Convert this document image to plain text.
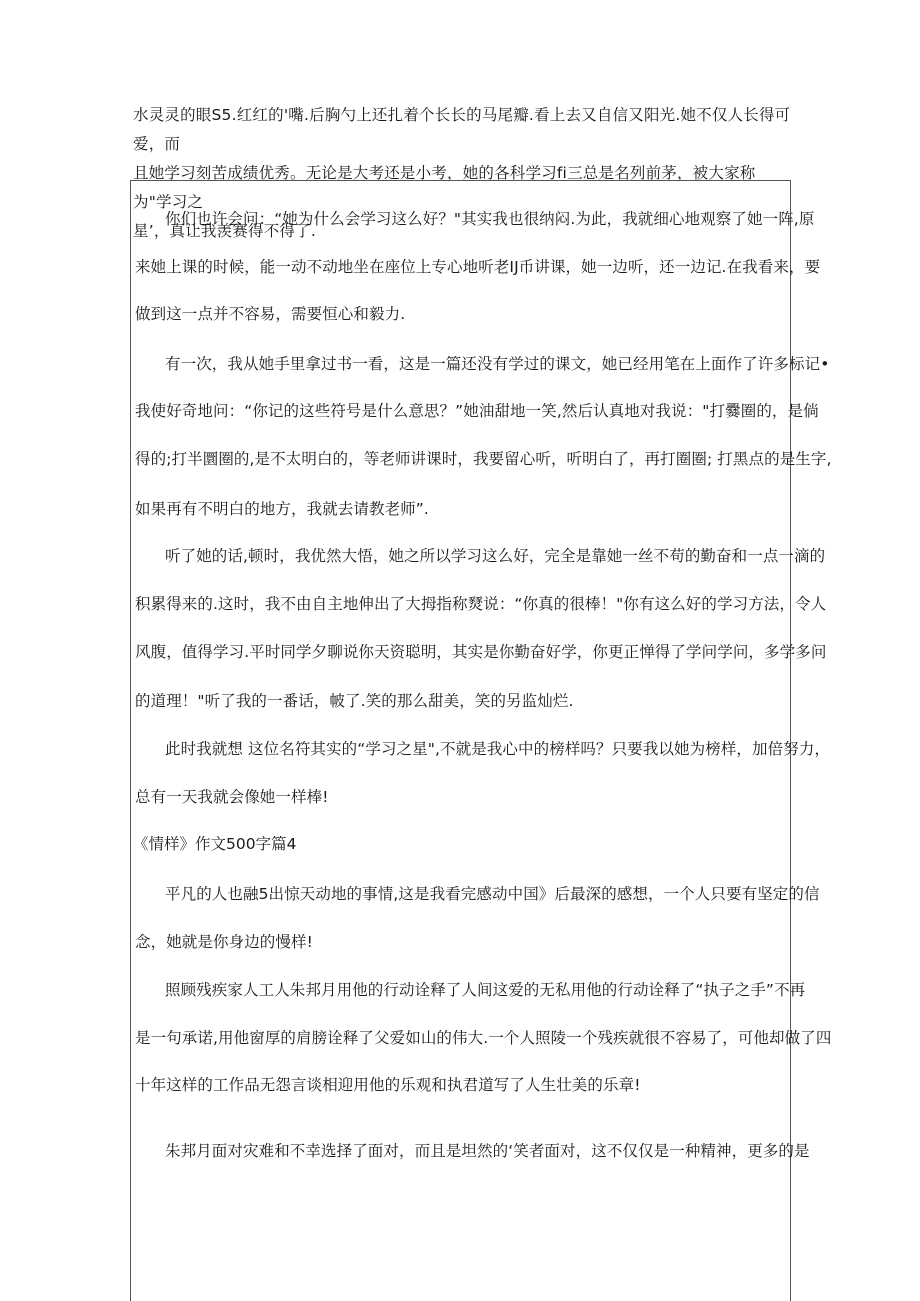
水灵灵的眼S5.红红的'嘴.后胸勺上还扎着个长长的马尾瓣.看上去又自信又阳光.她不仅人长得可爱，而
且她学习刻苦成绩优秀。无论是大考还是小考，她的各科学习fi三总是名列前茅，被大家称为"学习之
星’，真让我羡赛得不得了.
你们也许会问：“她为什么会学习这么好？"其实我也很纳闷.为此，我就细心地观察了她一阵,原
来她上课的时候，能一动不动地坐在座位上专心地听老IJ币讲课，她一边听，还一边记.在我看来，要
做到这一点并不容易，需要恒心和毅力.
有一次，我从她手里拿过书一看，这是一篇还没有学过的课文，她已经用笔在上面作了许多标记•
我使好奇地问：“你记的这些符号是什么意思？”她油甜地一笑,然后认真地对我说："打爨圈的，是倘
得的;打半圜圈的,是不太明白的，等老师讲课时，我要留心听，听明白了，再打圈圈; 打黑点的是生字,
如果再有不明白的地方，我就去请教老师”.
听了她的话,顿时，我优然大悟，她之所以学习这么好，完全是靠她一丝不苟的勤奋和一点一滴的
积累得来的.这时，我不由自主地伸出了大拇指称燹说：“你真的很棒！"你有这么好的学习方法，令人
风腹，值得学习.平时同学夕聊说你天资聪明，其实是你勤奋好学，你更正惮得了学问学问，多学多问
的道理！"听了我的一番话，帔了.笑的那么甜美，笑的另监灿烂.
此时我就想 这位名符其实的“学习之星",不就是我心中的榜样吗？只要我以她为榜样，加倍努力，
总有一天我就会像她一样棒!
《情样》作文500字篇4
平凡的人也融5出惊天动地的事情,这是我看完感动中国》后最深的感想，一个人只要有坚定的信
念，她就是你身边的慢样!
照顾残疾家人工人朱邦月用他的行动诠释了人间这爱的无私用他的行动诠释了“执子之手”不再
是一句承诺,用他窗厚的肩膀诠释了父爱如山的伟大.一个人照陵一个残疾就很不容易了，可他却做了四
十年这样的工作品无怨言谈相迎用他的乐观和执君道写了人生壮美的乐章!
朱邦月面对灾难和不幸选择了面对，而且是坦然的‘笑者面对，这不仅仅是一种精神，更多的是
